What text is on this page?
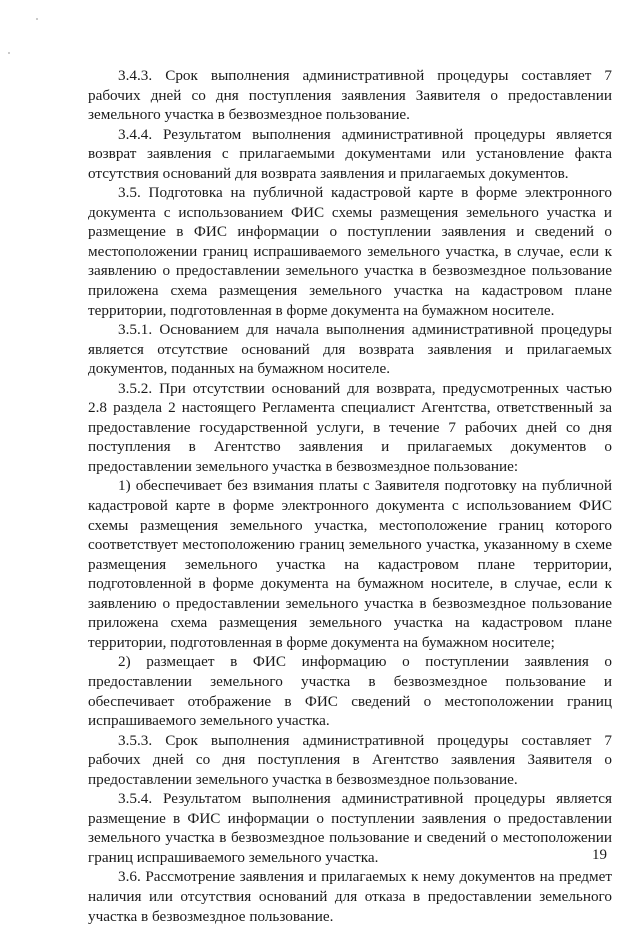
3.4.3. Срок выполнения административной процедуры составляет 7 рабочих дней со дня поступления заявления Заявителя о предоставлении земельного участка в безвозмездное пользование.

3.4.4. Результатом выполнения административной процедуры является возврат заявления с прилагаемыми документами или установление факта отсутствия оснований для возврата заявления и прилагаемых документов.

3.5. Подготовка на публичной кадастровой карте в форме электронного документа с использованием ФИС схемы размещения земельного участка и размещение в ФИС информации о поступлении заявления и сведений о местоположении границ испрашиваемого земельного участка, в случае, если к заявлению о предоставлении земельного участка в безвозмездное пользование приложена схема размещения земельного участка на кадастровом плане территории, подготовленная в форме документа на бумажном носителе.

3.5.1. Основанием для начала выполнения административной процедуры является отсутствие оснований для возврата заявления и прилагаемых документов, поданных на бумажном носителе.

3.5.2. При отсутствии оснований для возврата, предусмотренных частью 2.8 раздела 2 настоящего Регламента специалист Агентства, ответственный за предоставление государственной услуги, в течение 7 рабочих дней со дня поступления в Агентство заявления и прилагаемых документов о предоставлении земельного участка в безвозмездное пользование:

1) обеспечивает без взимания платы с Заявителя подготовку на публичной кадастровой карте в форме электронного документа с использованием ФИС схемы размещения земельного участка, местоположение границ которого соответствует местоположению границ земельного участка, указанному в схеме размещения земельного участка на кадастровом плане территории, подготовленной в форме документа на бумажном носителе, в случае, если к заявлению о предоставлении земельного участка в безвозмездное пользование приложена схема размещения земельного участка на кадастровом плане территории, подготовленная в форме документа на бумажном носителе;

2) размещает в ФИС информацию о поступлении заявления о предоставлении земельного участка в безвозмездное пользование и обеспечивает отображение в ФИС сведений о местоположении границ испрашиваемого земельного участка.

3.5.3. Срок выполнения административной процедуры составляет 7 рабочих дней со дня поступления в Агентство заявления Заявителя о предоставлении земельного участка в безвозмездное пользование.

3.5.4. Результатом выполнения административной процедуры является размещение в ФИС информации о поступлении заявления о предоставлении земельного участка в безвозмездное пользование и сведений о местоположении границ испрашиваемого земельного участка.

3.6. Рассмотрение заявления и прилагаемых к нему документов на предмет наличия или отсутствия оснований для отказа в предоставлении земельного участка в безвозмездное пользование.

19
